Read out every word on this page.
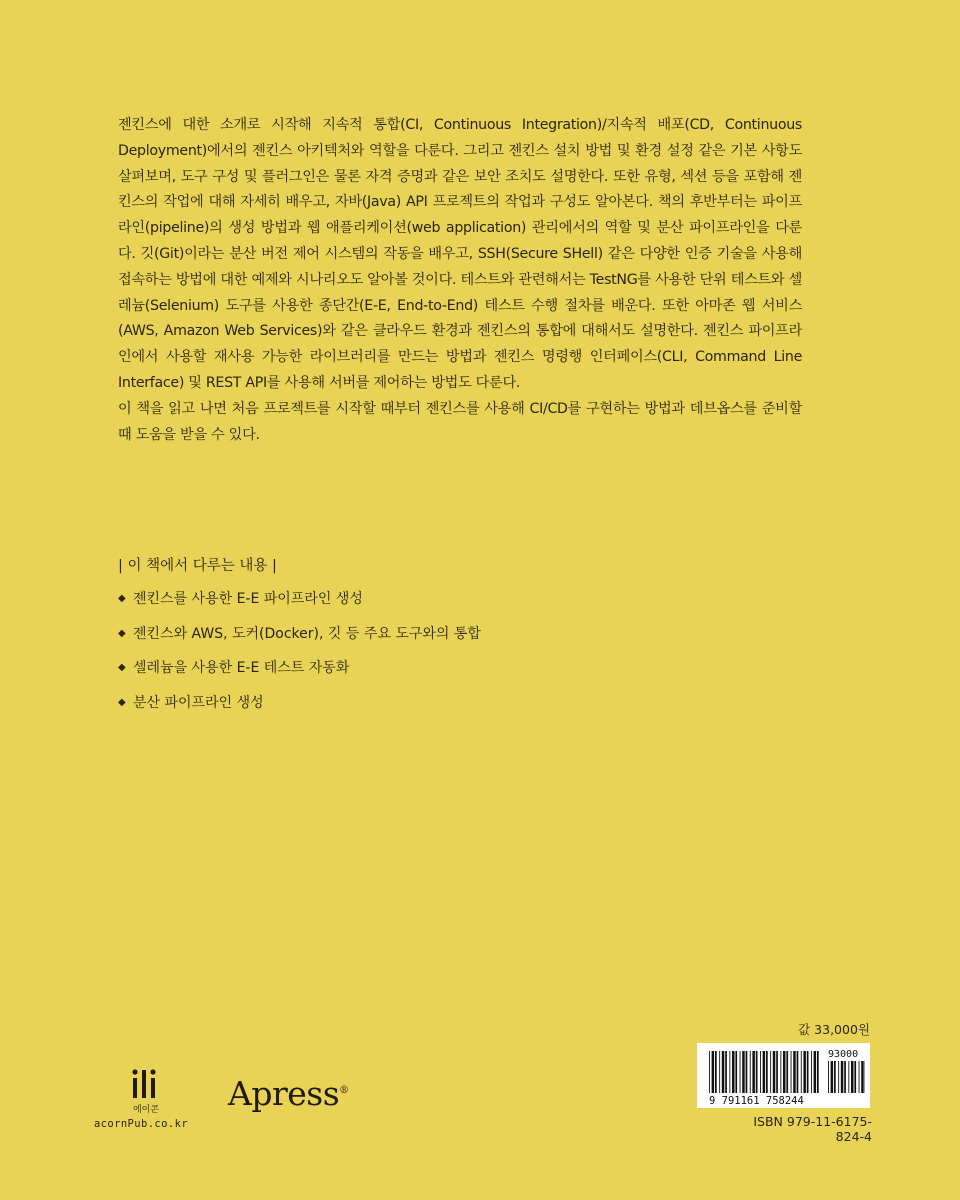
젠킨스에 대한 소개로 시작해 지속적 통합(CI, Continuous Integration)/지속적 배포(CD, Continuous Deployment)에서의 젠킨스 아키텍처와 역할을 다룬다. 그리고 젠킨스 설치 방법 및 환경 설정 같은 기본 사항도 살펴보며, 도구 구성 및 플러그인은 물론 자격 증명과 같은 보안 조치도 설명한다. 또한 유형, 섹션 등을 포함해 젠킨스의 작업에 대해 자세히 배우고, 자바(Java) API 프로젝트의 작업과 구성도 알아본다. 책의 후반부터는 파이프라인(pipeline)의 생성 방법과 웹 애플리케이션(web application) 관리에서의 역할 및 분산 파이프라인을 다룬다. 깃(Git)이라는 분산 버전 제어 시스템의 작동을 배우고, SSH(Secure SHell) 같은 다양한 인증 기술을 사용해 접속하는 방법에 대한 예제와 시나리오도 알아볼 것이다. 테스트와 관련해서는 TestNG를 사용한 단위 테스트와 셀레늄(Selenium) 도구를 사용한 종단간(E-E, End-to-End) 테스트 수행 절차를 배운다. 또한 아마존 웹 서비스(AWS, Amazon Web Services)와 같은 클라우드 환경과 젠킨스의 통합에 대해서도 설명한다. 젠킨스 파이프라인에서 사용할 재사용 가능한 라이브러리를 만드는 방법과 젠킨스 명령행 인터페이스(CLI, Command Line Interface) 및 REST API를 사용해 서버를 제어하는 방법도 다룬다.

이 책을 읽고 나면 처음 프로젝트를 시작할 때부터 젠킨스를 사용해 CI/CD를 구현하는 방법과 데브옵스를 준비할 때 도움을 받을 수 있다.

| 이 책에서 다루는 내용 |

◆ 젠킨스를 사용한 E-E 파이프라인 생성
◆ 젠킨스와 AWS, 도커(Docker), 깃 등 주요 도구와의 통합
◆ 셀레늄을 사용한 E-E 테스트 자동화
◆ 분산 파이프라인 생성
값 33,000원
9 791161 758244
93000
ISBN 979-11-6175-824-4
에이콘
acornPub.co.kr
Apress®
